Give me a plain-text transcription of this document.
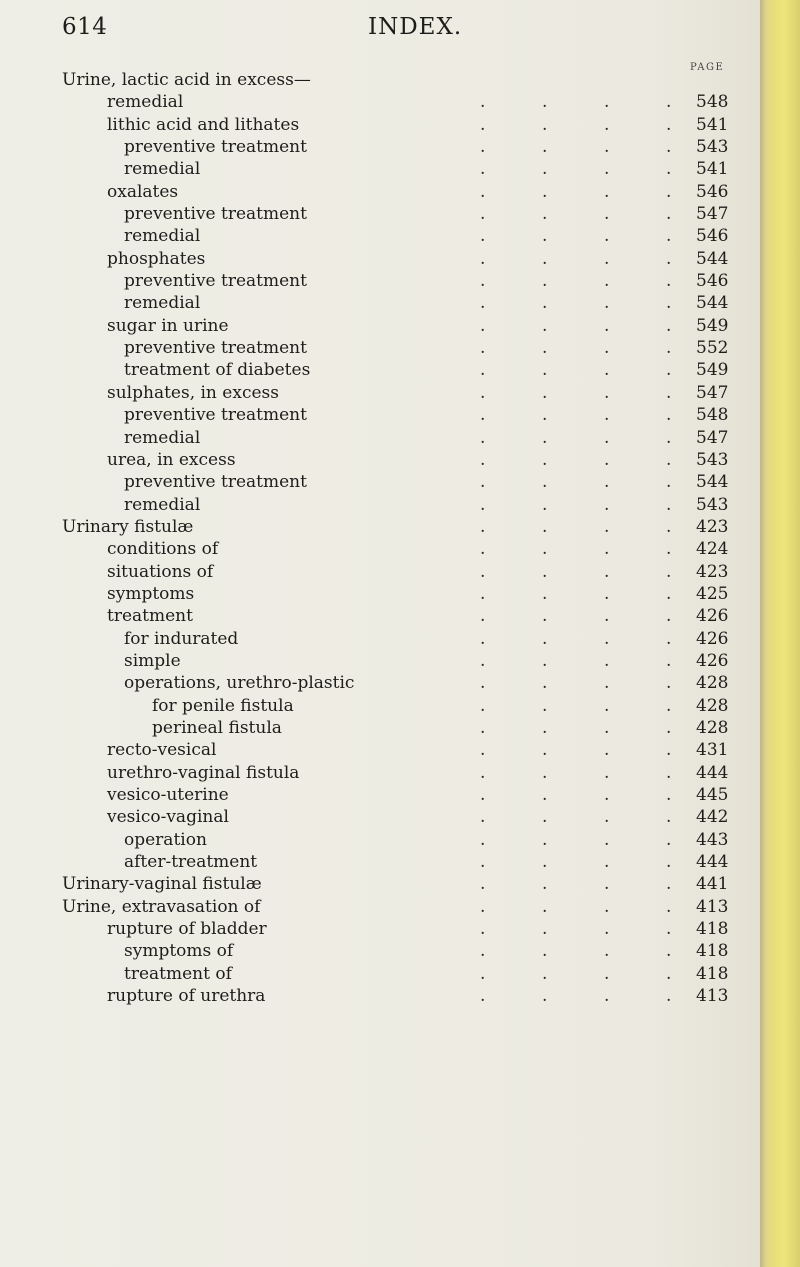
614	INDEX.
PAGE
Urine, lactic acid in excess—
remedial	.	.	.	. 548
lithic acid and lithates	.	.	.	. 541
preventive treatment	.	.	.	. 543
remedial	.	.	.	. 541
oxalates	.	.	.	. 546
preventive treatment	.	.	.	. 547
remedial	.	.	.	. 546
phosphates	.	.	.	. 544
preventive treatment	.	.	.	. 546
remedial	.	.	.	. 544
sugar in urine	.	.	.	. 549
preventive treatment	.	.	.	. 552
treatment of diabetes	.	.	.	. 549
sulphates, in excess	.	.	.	. 547
preventive treatment	.	.	.	. 548
remedial	.	.	.	. 547
urea, in excess	.	.	.	. 543
preventive treatment	.	.	.	. 544
remedial	.	.	.	. 543
Urinary fistulæ	.	.	.	. 423
conditions of	.	.	.	. 424
situations of	.	.	.	. 423
symptoms	.	.	.	. 425
treatment	.	.	.	. 426
for indurated	.	.	.	. 426
simple	.	.	.	. 426
operations, urethro-plastic	.	.	.	. 428
for penile fistula	.	.	.	. 428
perineal fistula	.	.	.	. 428
recto-vesical	.	.	.	. 431
urethro-vaginal fistula	.	.	.	. 444
vesico-uterine	.	.	.	. 445
vesico-vaginal	.	.	.	. 442
operation	.	.	.	. 443
after-treatment	.	.	.	. 444
Urinary-vaginal fistulæ	.	.	.	. 441
Urine, extravasation of	.	.	.	. 413
rupture of bladder	.	.	.	. 418
symptoms of	.	.	.	. 418
treatment of	.	.	.	. 418
rupture of urethra	.	.	.	. 413
